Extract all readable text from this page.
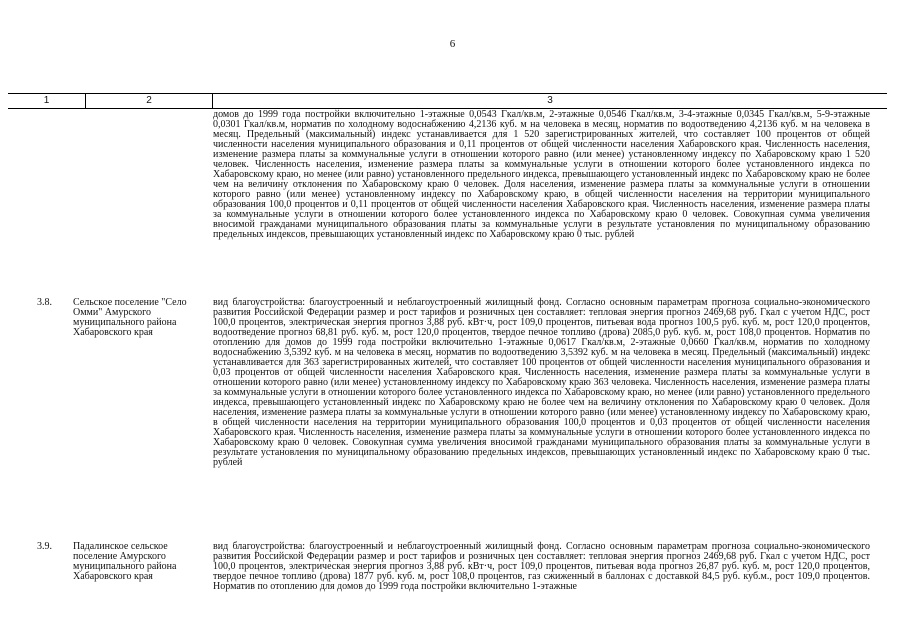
6
1	2	3

домов до 1999 года постройки включительно 1-этажные 0,0543 Гкал/кв.м, 2-этажные 0,0546 Гкал/кв.м, 3-4-этажные 0,0345 Гкал/кв.м, 5-9-этажные 0,0301 Гкал/кв.м, норматив по холодному водоснабжению 4,2136 куб. м на человека в месяц, норматив по водоотведению 4,2136 куб. м на человека в месяц. Предельный (максимальный) индекс устанавливается для 1 520 зарегистрированных жителей, что составляет 100 процентов от общей численности населения муниципального образования и 0,11 процентов от общей численности населения Хабаровского края. Численность населения, изменение размера платы за коммунальные услуги в отношении которого равно (или менее) установленному индексу по Хабаровскому краю 1 520 человек. Численность населения, изменение размера платы за коммунальные услуги в отношении которого более установленного индекса по Хабаровскому краю, но менее (или равно) установленного предельного индекса, превышающего установленный индекс по Хабаровскому краю не более чем на величину отклонения по Хабаровскому краю 0 человек. Доля населения, изменение размера платы за коммунальные услуги в отношении которого равно (или менее) установленному индексу по Хабаровскому краю, в общей численности населения на территории муниципального образования 100,0 процентов и 0,11 процентов от общей численности населения Хабаровского края. Численность населения, изменение размера платы за коммунальные услуги в отношении которого более установленного индекса по Хабаровскому краю 0 человек. Совокупная сумма увеличения вносимой гражданами муниципального образования платы за коммунальные услуги в результате установления по муниципальному образованию предельных индексов, превышающих установленный индекс по Хабаровскому краю 0 тыс. рублей

3.8. Сельское поселение "Село Омми" Амурского муниципального района Хабаровского края

вид благоустройства: благоустроенный и неблагоустроенный жилищный фонд. Согласно основным параметрам прогноза социально-экономического развития Российской Федерации размер и рост тарифов и розничных цен составляет: тепловая энергия прогноз 2469,68 руб. Гкал с учетом НДС, рост 100,0 процентов, электрическая энергия прогноз 3,88 руб. кВт·ч, рост 109,0 процентов, питьевая вода прогноз 100,5 руб. куб. м, рост 120,0 процентов, водоотведение прогноз 68,81 руб. куб. м, рост 120,0 процентов, твердое печное топливо (дрова) 2085,0 руб. куб. м, рост 108,0 процентов. Норматив по отоплению для домов до 1999 года постройки включительно 1-этажные 0,0617 Гкал/кв.м, 2-этажные 0,0660 Гкал/кв.м, норматив по холодному водоснабжению 3,5392 куб. м на человека в месяц, норматив по водоотведению 3,5392 куб. м на человека в месяц. Предельный (максимальный) индекс устанавливается для 363 зарегистрированных жителей, что составляет 100 процентов от общей численности населения муниципального образования и 0,03 процентов от общей численности населения Хабаровского края. Численность населения, изменение размера платы за коммунальные услуги в отношении которого равно (или менее) установленному индексу по Хабаровскому краю 363 человека. Численность населения, изменение размера платы за коммунальные услуги в отношении которого более установленного индекса по Хабаровскому краю, но менее (или равно) установленного предельного индекса, превышающего установленный индекс по Хабаровскому краю не более чем на величину отклонения по Хабаровскому краю 0 человек. Доля населения, изменение размера платы за коммунальные услуги в отношении которого равно (или менее) установленному индексу по Хабаровскому краю, в общей численности населения на территории муниципального образования 100,0 процентов и 0,03 процентов от общей численности населения Хабаровского края. Численность населения, изменение размера платы за коммунальные услуги в отношении которого более установленного индекса по Хабаровскому краю 0 человек. Совокупная сумма увеличения вносимой гражданами муниципального образования платы за коммунальные услуги в результате установления по муниципальному образованию предельных индексов, превышающих установленный индекс по Хабаровскому краю 0 тыс. рублей

3.9. Падалинское сельское поселение Амурского муниципального района Хабаровского края

вид благоустройства: благоустроенный и неблагоустроенный жилищный фонд. Согласно основным параметрам прогноза социально-экономического развития Российской Федерации размер и рост тарифов и розничных цен составляет: тепловая энергия прогноз 2469,68 руб. Гкал с учетом НДС, рост 100,0 процентов, электрическая энергия прогноз 3,88 руб. кВт·ч, рост 109,0 процентов, питьевая вода прогноз 26,87 руб. куб. м, рост 120,0 процентов, твердое печное топливо (дрова) 1877 руб. куб. м, рост 108,0 процентов, газ сжиженный в баллонах с доставкой 84,5 руб. куб.м., рост 109,0 процентов. Норматив по отоплению для домов до 1999 года постройки включительно 1-этажные
